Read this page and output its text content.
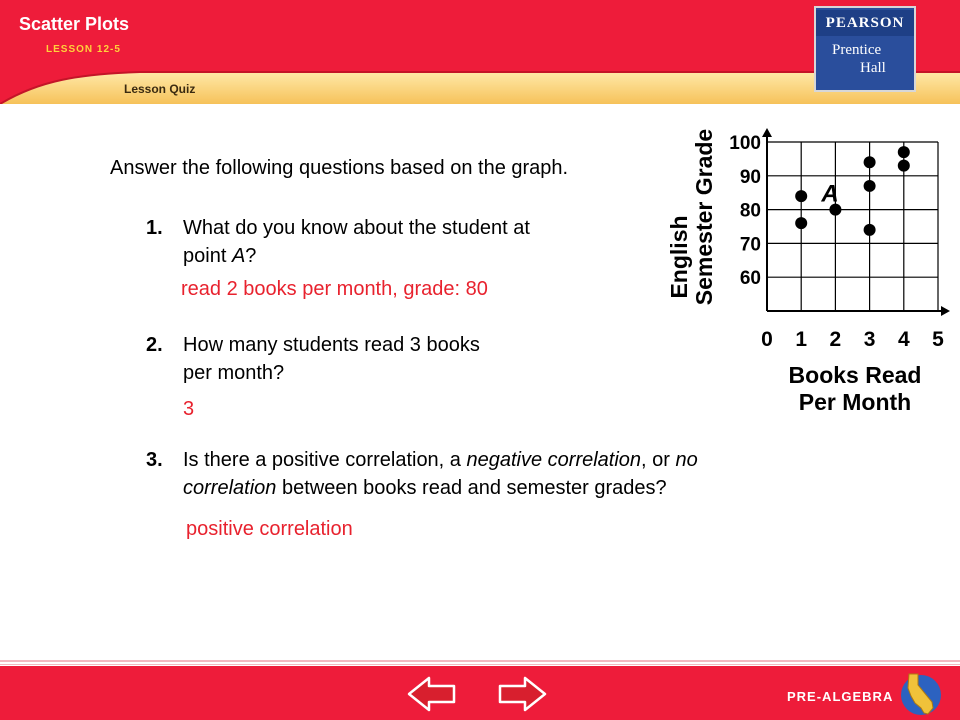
Scatter Plots
LESSON 12-5
Lesson Quiz
PEARSON
Prentice
Hall
Answer the following questions based on the graph.
1. What do you know about the student at
point A?
read 2 books per month, grade: 80
2. How many students read 3 books
per month?
3
3. Is there a positive correlation, a negative correlation, or no
correlation between books read and semester grades?
positive correlation
0 1 2 3 4 5
60
70
80
90
100
A
English Semester Grade
Books Read
Per Month
PRE-ALGEBRA
